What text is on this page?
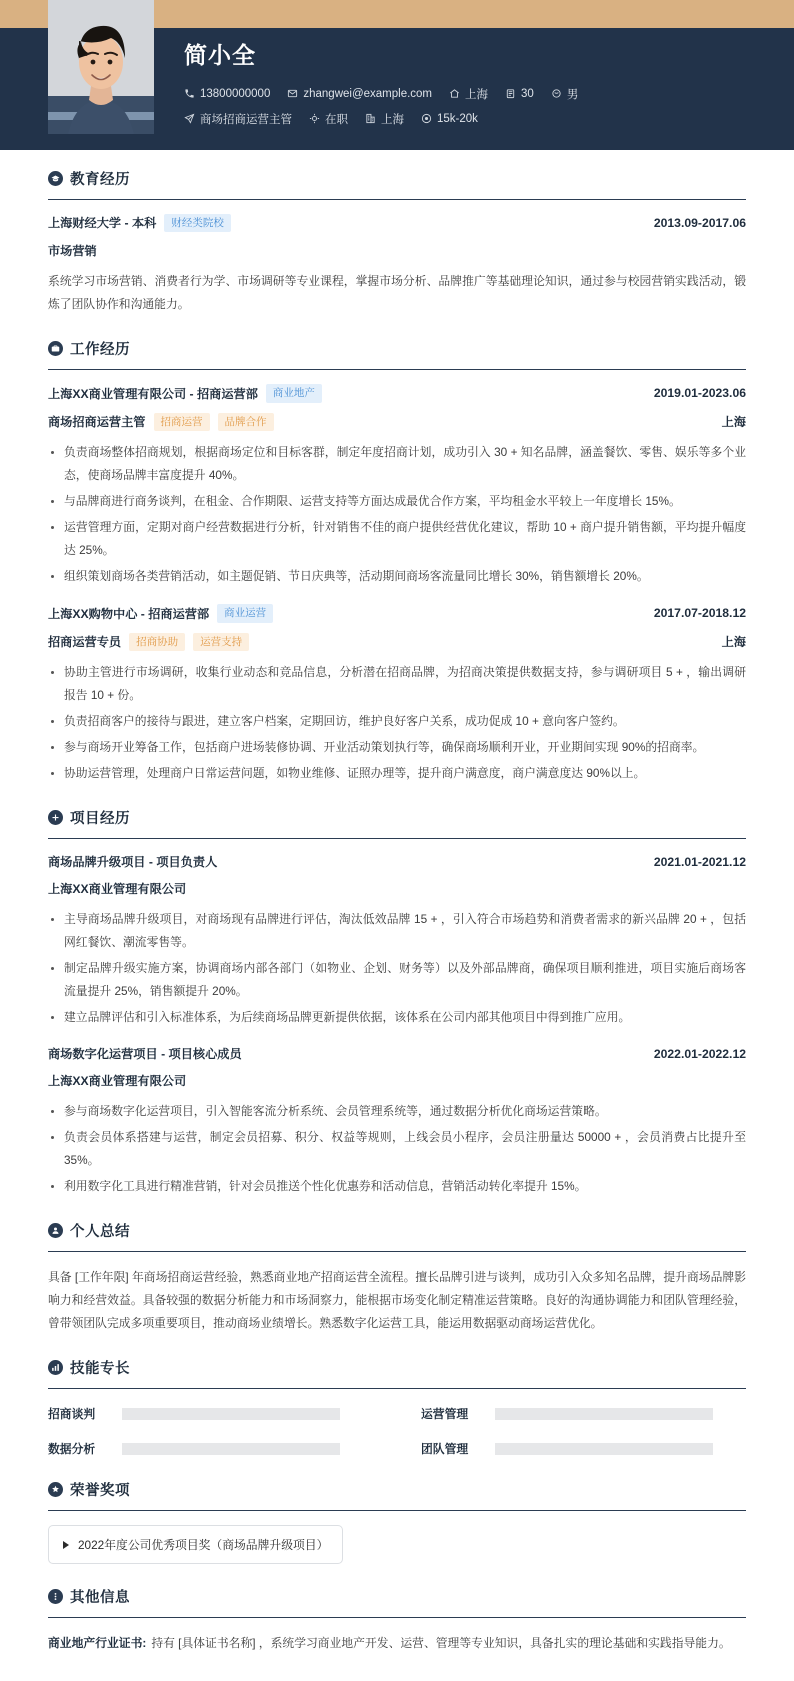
简小全
13800000000	zhangwei@example.com	上海	30	男
商场招商运营主管	在职	上海	15k-20k
教育经历
上海财经大学 - 本科	财经类院校	2013.09-2017.06
市场营销

系统学习市场营销、消费者行为学、市场调研等专业课程，掌握市场分析、品牌推广等基础理论知识，通过参与校园营销实践活动，锻炼了团队协作和沟通能力。

工作经历
上海XX商业管理有限公司 - 招商运营部	商业地产	2019.01-2023.06
商场招商运营主管	招商运营	品牌合作	上海
负责商场整体招商规划，根据商场定位和目标客群，制定年度招商计划，成功引入 30 + 知名品牌，涵盖餐饮、零售、娱乐等多个业态，使商场品牌丰富度提升 40%。
与品牌商进行商务谈判，在租金、合作期限、运营支持等方面达成最优合作方案，平均租金水平较上一年度增长 15%。
运营管理方面，定期对商户经营数据进行分析，针对销售不佳的商户提供经营优化建议，帮助 10 + 商户提升销售额，平均提升幅度达 25%。
组织策划商场各类营销活动，如主题促销、节日庆典等，活动期间商场客流量同比增长 30%，销售额增长 20%。
上海XX购物中心 - 招商运营部	商业运营	2017.07-2018.12
招商运营专员	招商协助	运营支持	上海
协助主管进行市场调研，收集行业动态和竞品信息，分析潜在招商品牌，为招商决策提供数据支持，参与调研项目 5 + ，输出调研报告 10 + 份。
负责招商客户的接待与跟进，建立客户档案，定期回访，维护良好客户关系，成功促成 10 + 意向客户签约。
参与商场开业筹备工作，包括商户进场装修协调、开业活动策划执行等，确保商场顺利开业，开业期间实现 90%的招商率。
协助运营管理，处理商户日常运营问题，如物业维修、证照办理等，提升商户满意度，商户满意度达 90%以上。
项目经历
商场品牌升级项目 - 项目负责人	2021.01-2021.12
上海XX商业管理有限公司
主导商场品牌升级项目，对商场现有品牌进行评估，淘汰低效品牌 15 + ，引入符合市场趋势和消费者需求的新兴品牌 20 + ，包括网红餐饮、潮流零售等。
制定品牌升级实施方案，协调商场内部各部门（如物业、企划、财务等）以及外部品牌商，确保项目顺利推进，项目实施后商场客流量提升 25%，销售额提升 20%。
建立品牌评估和引入标准体系，为后续商场品牌更新提供依据，该体系在公司内部其他项目中得到推广应用。
商场数字化运营项目 - 项目核心成员	2022.01-2022.12
上海XX商业管理有限公司
参与商场数字化运营项目，引入智能客流分析系统、会员管理系统等，通过数据分析优化商场运营策略。
负责会员体系搭建与运营，制定会员招募、积分、权益等规则，上线会员小程序，会员注册量达 50000 + ，会员消费占比提升至 35%。
利用数字化工具进行精准营销，针对会员推送个性化优惠券和活动信息，营销活动转化率提升 15%。
个人总结

具备 [工作年限] 年商场招商运营经验，熟悉商业地产招商运营全流程。擅长品牌引进与谈判，成功引入众多知名品牌，提升商场品牌影响力和经营效益。具备较强的数据分析能力和市场洞察力，能根据市场变化制定精准运营策略。良好的沟通协调能力和团队管理经验，曾带领团队完成多项重要项目，推动商场业绩增长。熟悉数字化运营工具，能运用数据驱动商场运营优化。

技能专长
招商谈判	运营管理
数据分析	团队管理
荣誉奖项
2022年度公司优秀项目奖（商场品牌升级项目）
其他信息
商业地产行业证书: 持有 [具体证书名称] ，系统学习商业地产开发、运营、管理等专业知识，具备扎实的理论基础和实践指导能力。
